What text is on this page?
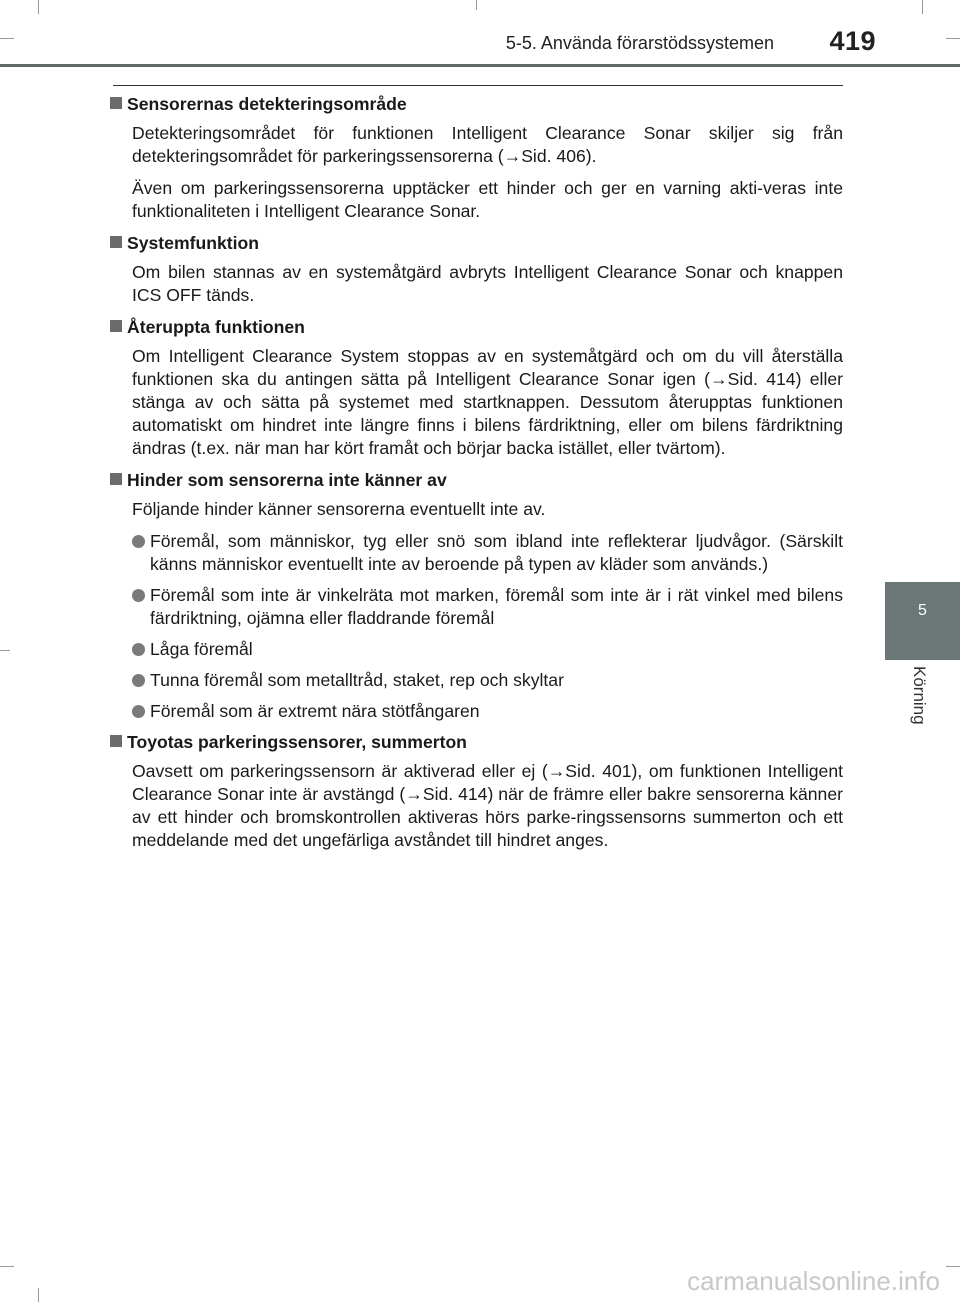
5-5. Använda förarstödssystemen 419
5
Körning
Sensorernas detekteringsområde
Detekteringsområdet för funktionen Intelligent Clearance Sonar skiljer sig från detekteringsområdet för parkeringssensorerna (→Sid. 406).
Även om parkeringssensorerna upptäcker ett hinder och ger en varning akti-veras inte funktionaliteten i Intelligent Clearance Sonar.
Systemfunktion
Om bilen stannas av en systemåtgärd avbryts Intelligent Clearance Sonar och knappen ICS OFF tänds.
Återuppta funktionen
Om Intelligent Clearance System stoppas av en systemåtgärd och om du vill återställa funktionen ska du antingen sätta på Intelligent Clearance Sonar igen (→Sid. 414) eller stänga av och sätta på systemet med startknappen. Dessutom återupptas funktionen automatiskt om hindret inte längre finns i bilens färdriktning, eller om bilens färdriktning ändras (t.ex. när man har kört framåt och börjar backa istället, eller tvärtom).
Hinder som sensorerna inte känner av
Följande hinder känner sensorerna eventuellt inte av.
Föremål, som människor, tyg eller snö som ibland inte reflekterar ljudvågor. (Särskilt känns människor eventuellt inte av beroende på typen av kläder som används.)
Föremål som inte är vinkelräta mot marken, föremål som inte är i rät vinkel med bilens färdriktning, ojämna eller fladdrande föremål
Låga föremål
Tunna föremål som metalltråd, staket, rep och skyltar
Föremål som är extremt nära stötfångaren
Toyotas parkeringssensorer, summerton
Oavsett om parkeringssensorn är aktiverad eller ej (→Sid. 401), om funktionen Intelligent Clearance Sonar inte är avstängd (→Sid. 414) när de främre eller bakre sensorerna känner av ett hinder och bromskontrollen aktiveras hörs parke-ringssensorns summerton och ett meddelande med det ungefärliga avståndet till hindret anges.
carmanualsonline.info
